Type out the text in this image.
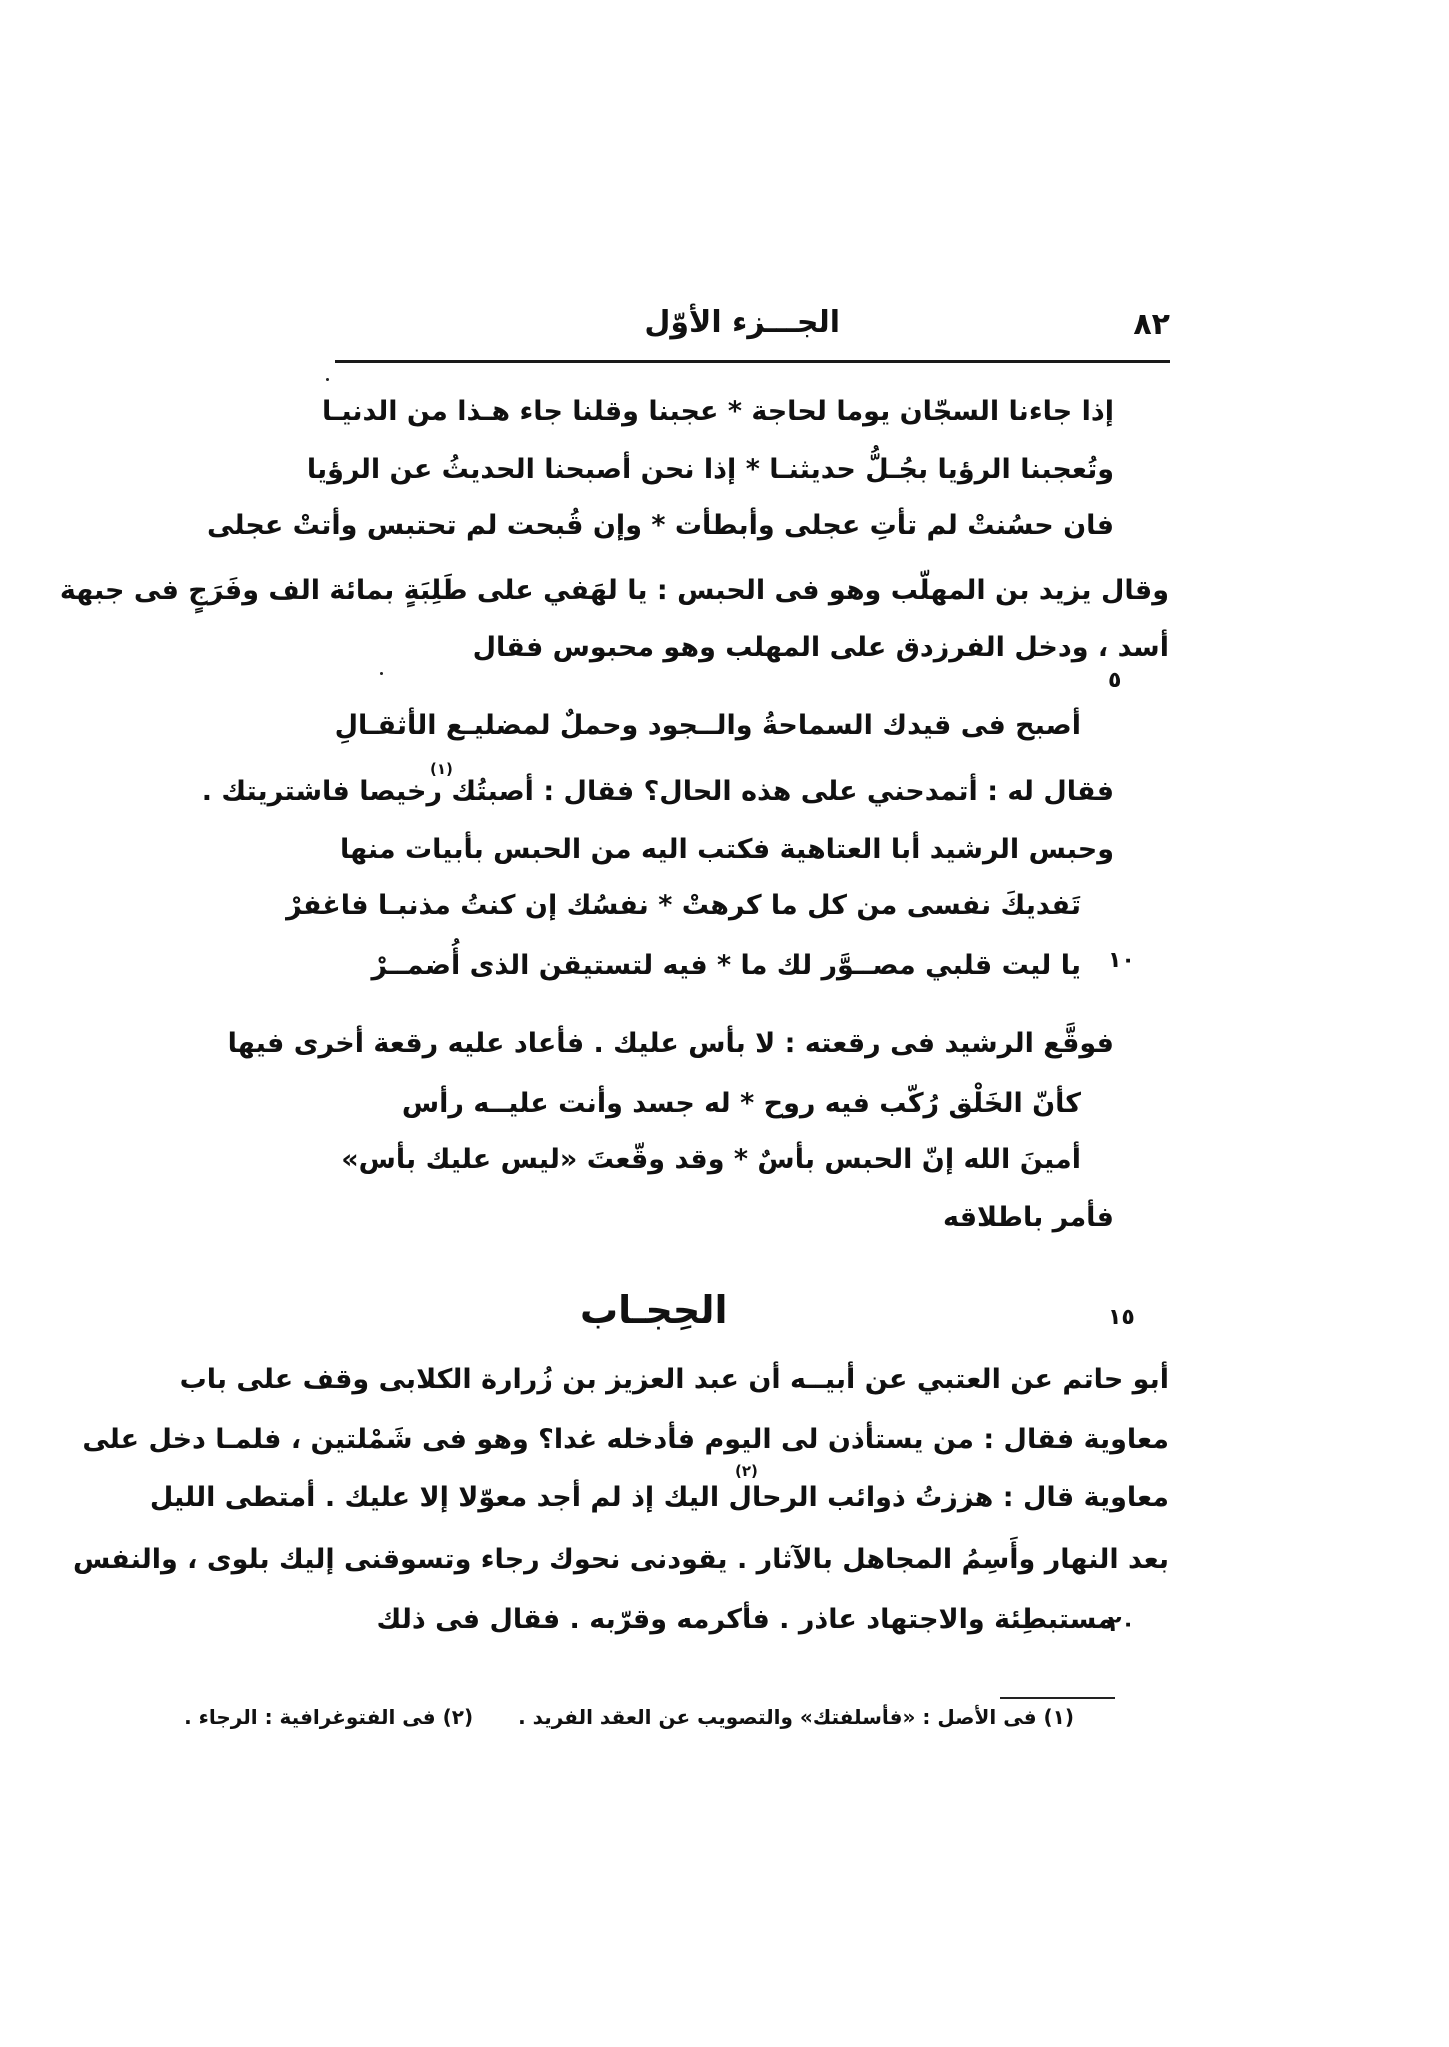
٨٢
الجـــزء الأوّل
إذا جاءنا السجّان يوما لحاجة * عجبنا وقلنا جاء هـذا من الدنيـا
وتُعجبنا الرؤيا بجُـلُّ حديثنـا * إذا نحن أصبحنا الحديثُ عن الرؤيا
فان حسُنتْ لم تأتِ عجلى وأبطأت * وإن قُبحت لم تحتبس وأتتْ عجلى
وقال يزيد بن المهلّب وهو فى الحبس : يا لهَفي على طَلِبَةٍ بمائة الف وفَرَجٍ فى جبهة
أسد ، ودخل الفرزدق على المهلب وهو محبوس فقال
أصبح فى قيدك السماحةُ والــجود وحملٌ لمضليـع الأثقـالِ
(١)
فقال له : أتمدحني على هذه الحال؟ فقال : أصبتُك رخيصا فاشتريتك .
وحبس الرشيد أبا العتاهية فكتب اليه من الحبس بأبيات منها
تَفديكَ نفسى من كل ما كرهتْ * نفسُك إن كنتُ مذنبـا فاغفرْ
يا ليت قلبي مصــوَّر لك ما * فيه لتستيقن الذى أُضمــرْ
فوقَّع الرشيد فى رقعته : لا بأس عليك . فأعاد عليه رقعة أخرى فيها
كأنّ الخَلْق رُكّب فيه روح * له جسد وأنت عليــه رأس
أمينَ الله إنّ الحبس بأسٌ * وقد وقّعتَ «ليس عليك بأس»
فأمر باطلاقه
الحِجـاب
أبو حاتم عن العتبي عن أبيــه أن عبد العزيز بن زُرارة الكلابى وقف على باب
معاوية فقال : من يستأذن لى اليوم فأدخله غدا؟ وهو فى شَمْلتين ، فلمـا دخل على
(٢)
معاوية قال : هززتُ ذوائب الرحال اليك إذ لم أجد معوّلا إلا عليك . أمتطى الليل
بعد النهار وأَسِمُ المجاهل بالآثار . يقودنى نحوك رجاء وتسوقنى إليك بلوى ، والنفس
مستبطِئة والاجتهاد عاذر . فأكرمه وقرّبه . فقال فى ذلك
٥
١٠
١٥
٢٠
(١) فى الأصل : «فأسلفتك» والتصويب عن العقد الفريد .(٢) فى الفتوغرافية : الرجاء .
